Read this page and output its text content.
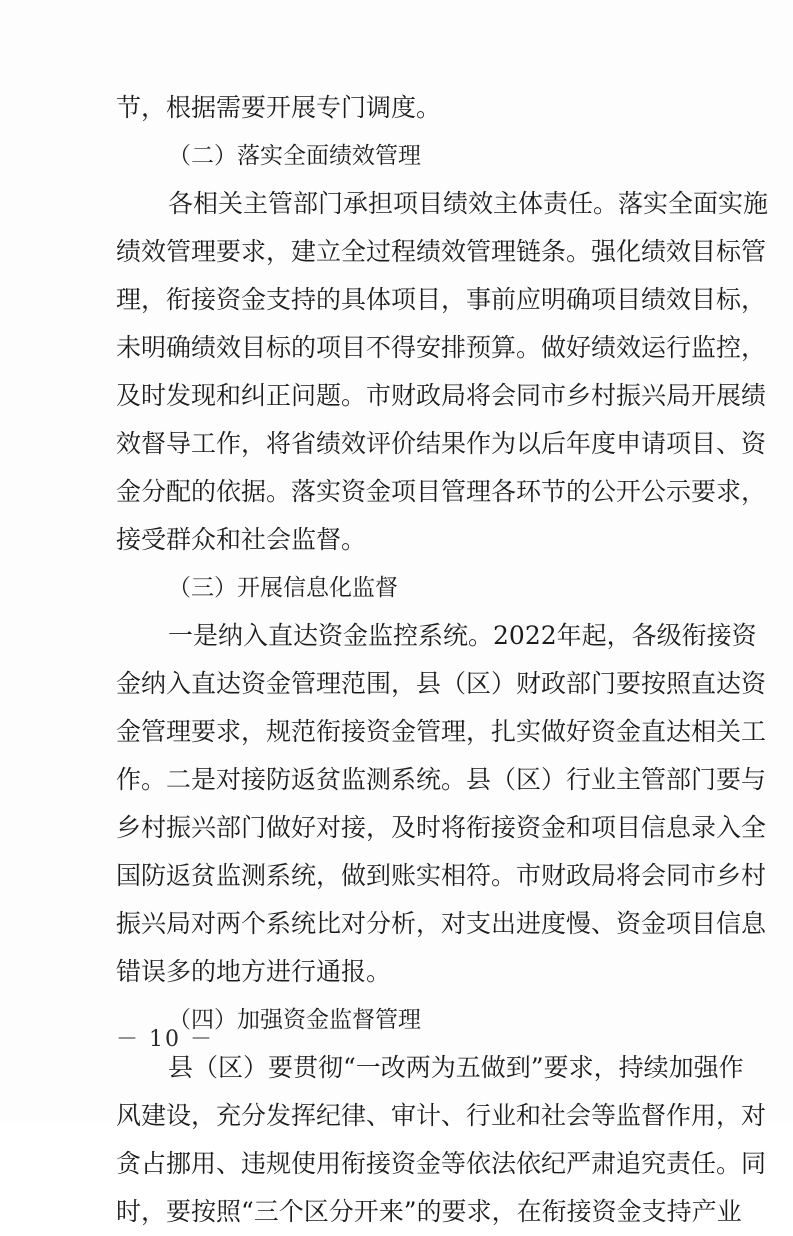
节，根据需要开展专门调度。
（二）落实全面绩效管理
各相关主管部门承担项目绩效主体责任。落实全面实施
绩效管理要求，建立全过程绩效管理链条。强化绩效目标管
理，衔接资金支持的具体项目，事前应明确项目绩效目标，
未明确绩效目标的项目不得安排预算。做好绩效运行监控，
及时发现和纠正问题。市财政局将会同市乡村振兴局开展绩
效督导工作，将省绩效评价结果作为以后年度申请项目、资
金分配的依据。落实资金项目管理各环节的公开公示要求，
接受群众和社会监督。
（三）开展信息化监督
一是纳入直达资金监控系统。2022年起，各级衔接资
金纳入直达资金管理范围，县（区）财政部门要按照直达资
金管理要求，规范衔接资金管理，扎实做好资金直达相关工
作。二是对接防返贫监测系统。县（区）行业主管部门要与
乡村振兴部门做好对接，及时将衔接资金和项目信息录入全
国防返贫监测系统，做到账实相符。市财政局将会同市乡村
振兴局对两个系统比对分析，对支出进度慢、资金项目信息
错误多的地方进行通报。
（四）加强资金监督管理
县（区）要贯彻“一改两为五做到”要求，持续加强作
风建设，充分发挥纪律、审计、行业和社会等监督作用，对
贪占挪用、违规使用衔接资金等依法依纪严肃追究责任。同
时，要按照“三个区分开来”的要求，在衔接资金支持产业
－ 10 －
